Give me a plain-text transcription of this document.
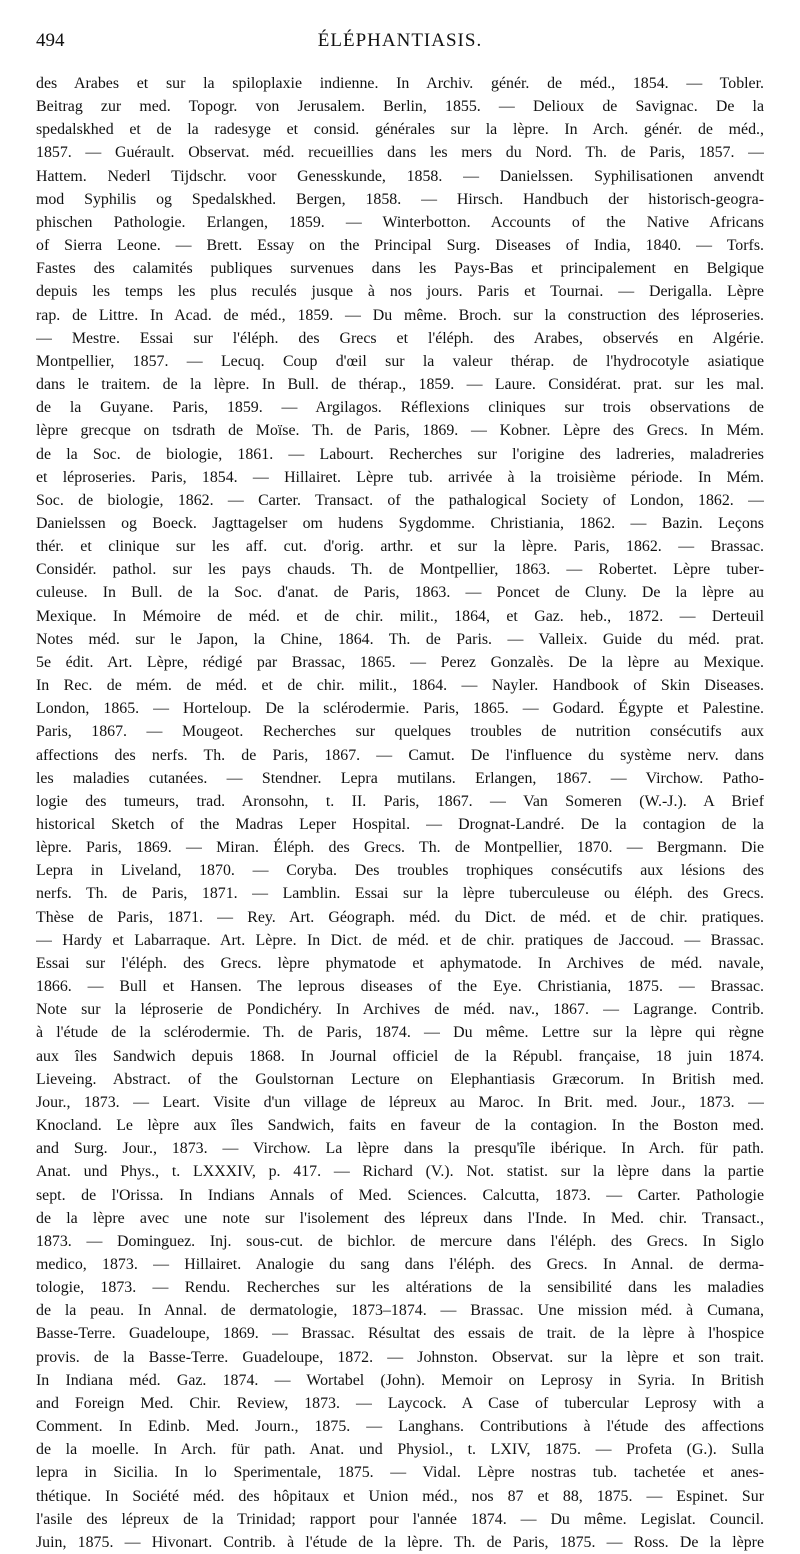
494	ÉLÉPHANTIASIS.
des Arabes et sur la spiloplaxie indienne. In Archiv. génér. de méd., 1854. — Tobler.
Beitrag zur med. Topogr. von Jerusalem. Berlin, 1855. — Delioux de Savignac. De la
spedalskhed et de la radesyge et consid. générales sur la lèpre. In Arch. génér. de méd.,
1857. — Guérault. Observat. méd. recueillies dans les mers du Nord. Th. de Paris, 1857. —
Hattem. Nederl Tijdschr. voor Genesskunde, 1858. — Danielssen. Syphilisationen anvendt
mod Syphilis og Spedalskhed. Bergen, 1858. — Hirsch. Handbuch der historisch-geogra-
phischen Pathologie. Erlangen, 1859. — Winterbotton. Accounts of the Native Africans
of Sierra Leone. — Brett. Essay on the Principal Surg. Diseases of India, 1840. — Torfs.
Fastes des calamités publiques survenues dans les Pays-Bas et principalement en Belgique
depuis les temps les plus reculés jusque à nos jours. Paris et Tournai. — Derigalla. Lèpre
rap. de Littre. In Acad. de méd., 1859. — Du même. Broch. sur la construction des léproseries.
— Mestre. Essai sur l'éléph. des Grecs et l'éléph. des Arabes, observés en Algérie.
Montpellier, 1857. — Lecuq. Coup d'œil sur la valeur thérap. de l'hydrocotyle asiatique
dans le traitem. de la lèpre. In Bull. de thérap., 1859. — Laure. Considérat. prat. sur les mal.
de la Guyane. Paris, 1859. — Argilagos. Réflexions cliniques sur trois observations de
lèpre grecque on tsdrath de Moïse. Th. de Paris, 1869. — Kobner. Lèpre des Grecs. In Mém.
de la Soc. de biologie, 1861. — Labourt. Recherches sur l'origine des ladreries, maladreries
et léproseries. Paris, 1854. — Hillairet. Lèpre tub. arrivée à la troisième période. In Mém.
Soc. de biologie, 1862. — Carter. Transact. of the pathalogical Society of London, 1862. —
Danielssen og Boeck. Jagttagelser om hudens Sygdomme. Christiania, 1862. — Bazin. Leçons
thér. et clinique sur les aff. cut. d'orig. arthr. et sur la lèpre. Paris, 1862. — Brassac.
Considér. pathol. sur les pays chauds. Th. de Montpellier, 1863. — Robertet. Lèpre tuber-
culeuse. In Bull. de la Soc. d'anat. de Paris, 1863. — Poncet de Cluny. De la lèpre au
Mexique. In Mémoire de méd. et de chir. milit., 1864, et Gaz. heb., 1872. — Derteuil
Notes méd. sur le Japon, la Chine, 1864. Th. de Paris. — Valleix. Guide du méd. prat.
5e édit. Art. Lèpre, rédigé par Brassac, 1865. — Perez Gonzalès. De la lèpre au Mexique.
In Rec. de mém. de méd. et de chir. milit., 1864. — Nayler. Handbook of Skin Diseases.
London, 1865. — Horteloup. De la sclérodermie. Paris, 1865. — Godard. Égypte et Palestine.
Paris, 1867. — Mougeot. Recherches sur quelques troubles de nutrition consécutifs aux
affections des nerfs. Th. de Paris, 1867. — Camut. De l'influence du système nerv. dans
les maladies cutanées. — Stendner. Lepra mutilans. Erlangen, 1867. — Virchow. Patho-
logie des tumeurs, trad. Aronsohn, t. II. Paris, 1867. — Van Someren (W.-J.). A Brief
historical Sketch of the Madras Leper Hospital. — Drognat-Landré. De la contagion de la
lèpre. Paris, 1869. — Miran. Éléph. des Grecs. Th. de Montpellier, 1870. — Bergmann. Die
Lepra in Liveland, 1870. — Coryba. Des troubles trophiques consécutifs aux lésions des
nerfs. Th. de Paris, 1871. — Lamblin. Essai sur la lèpre tuberculeuse ou éléph. des Grecs.
Thèse de Paris, 1871. — Rey. Art. Géograph. méd. du Dict. de méd. et de chir. pratiques.
— Hardy et Labarraque. Art. Lèpre. In Dict. de méd. et de chir. pratiques de Jaccoud. — Brassac.
Essai sur l'éléph. des Grecs. lèpre phymatode et aphymatode. In Archives de méd. navale,
1866. — Bull et Hansen. The leprous diseases of the Eye. Christiania, 1875. — Brassac.
Note sur la léproserie de Pondichéry. In Archives de méd. nav., 1867. — Lagrange. Contrib.
à l'étude de la sclérodermie. Th. de Paris, 1874. — Du même. Lettre sur la lèpre qui règne
aux îles Sandwich depuis 1868. In Journal officiel de la Républ. française, 18 juin 1874.
Lieveing. Abstract. of the Goulstornan Lecture on Elephantiasis Græcorum. In British med.
Jour., 1873. — Leart. Visite d'un village de lépreux au Maroc. In Brit. med. Jour., 1873. —
Knocland. Le lèpre aux îles Sandwich, faits en faveur de la contagion. In the Boston med.
and Surg. Jour., 1873. — Virchow. La lèpre dans la presqu'île ibérique. In Arch. für path.
Anat. und Phys., t. LXXXIV, p. 417. — Richard (V.). Not. statist. sur la lèpre dans la partie
sept. de l'Orissa. In Indians Annals of Med. Sciences. Calcutta, 1873. — Carter. Pathologie
de la lèpre avec une note sur l'isolement des lépreux dans l'Inde. In Med. chir. Transact.,
1873. — Dominguez. Inj. sous-cut. de bichlor. de mercure dans l'éléph. des Grecs. In Siglo
medico, 1873. — Hillairet. Analogie du sang dans l'éléph. des Grecs. In Annal. de derma-
tologie, 1873. — Rendu. Recherches sur les altérations de la sensibilité dans les maladies
de la peau. In Annal. de dermatologie, 1873–1874. — Brassac. Une mission méd. à Cumana,
Basse-Terre. Guadeloupe, 1869. — Brassac. Résultat des essais de trait. de la lèpre à l'hospice
provis. de la Basse-Terre. Guadeloupe, 1872. — Johnston. Observat. sur la lèpre et son trait.
In Indiana méd. Gaz. 1874. — Wortabel (John). Memoir on Leprosy in Syria. In British
and Foreign Med. Chir. Review, 1873. — Laycock. A Case of tubercular Leprosy with a
Comment. In Edinb. Med. Journ., 1875. — Langhans. Contributions à l'étude des affections
de la moelle. In Arch. für path. Anat. und Physiol., t. LXIV, 1875. — Profeta (G.). Sulla
lepra in Sicilia. In lo Sperimentale, 1875. — Vidal. Lèpre nostras tub. tachetée et anes-
thétique. In Société méd. des hôpitaux et Union méd., nos 87 et 88, 1875. — Espinet. Sur
l'asile des lépreux de la Trinidad; rapport pour l'année 1874. — Du même. Legislat. Council.
Juin, 1875. — Hivonart. Contrib. à l'étude de la lèpre. Th. de Paris, 1875. — Ross. De la lèpre
